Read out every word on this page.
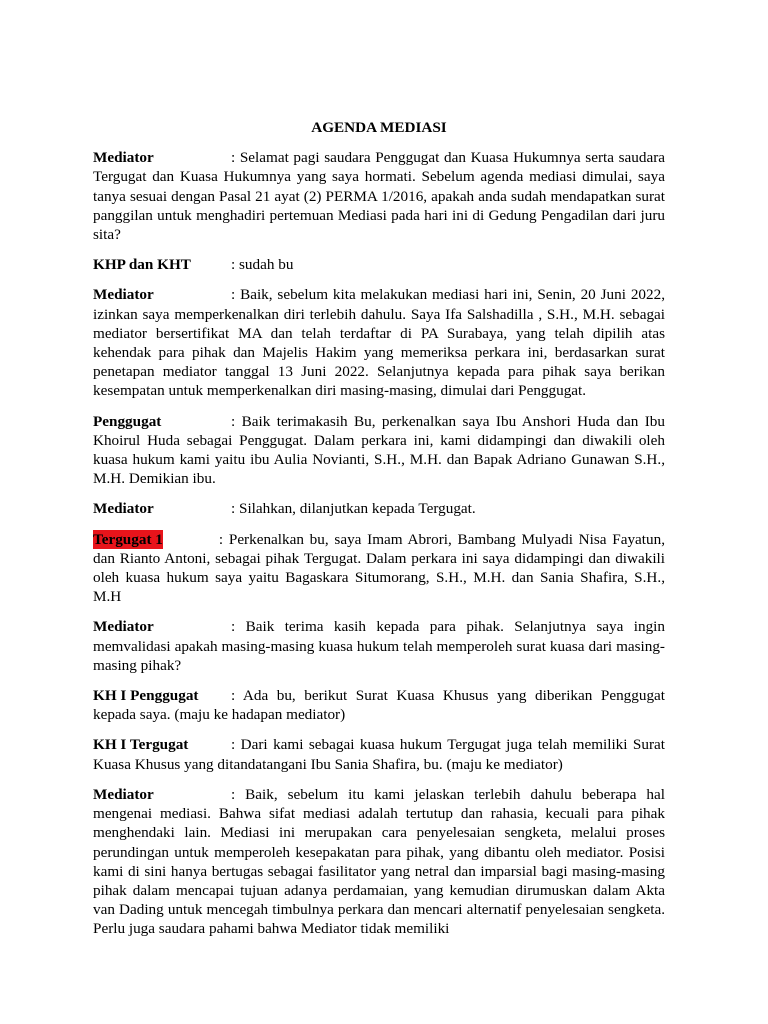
AGENDA MEDIASI
Mediator	: Selamat pagi saudara Penggugat dan Kuasa Hukumnya serta saudara Tergugat dan Kuasa Hukumnya yang saya hormati. Sebelum agenda mediasi dimulai, saya tanya sesuai dengan Pasal 21 ayat (2) PERMA 1/2016, apakah anda sudah mendapatkan surat panggilan untuk menghadiri pertemuan Mediasi pada hari ini di Gedung Pengadilan dari juru sita?
KHP dan KHT	: sudah bu
Mediator	: Baik, sebelum kita melakukan mediasi hari ini, Senin, 20 Juni 2022, izinkan saya memperkenalkan diri terlebih dahulu. Saya Ifa Salshadilla , S.H., M.H. sebagai mediator bersertifikat MA dan telah terdaftar di PA Surabaya, yang telah dipilih atas kehendak para pihak dan Majelis Hakim yang memeriksa perkara ini, berdasarkan surat penetapan mediator tanggal 13 Juni 2022. Selanjutnya kepada para pihak saya berikan kesempatan untuk memperkenalkan diri masing-masing, dimulai dari Penggugat.
Penggugat	: Baik terimakasih Bu, perkenalkan saya Ibu Anshori Huda dan Ibu Khoirul Huda sebagai Penggugat. Dalam perkara ini, kami didampingi dan diwakili oleh kuasa hukum kami yaitu ibu Aulia Novianti, S.H., M.H. dan Bapak Adriano Gunawan S.H., M.H. Demikian ibu.
Mediator	: Silahkan, dilanjutkan kepada Tergugat.
Tergugat 1	: Perkenalkan bu, saya Imam Abrori, Bambang Mulyadi Nisa Fayatun, dan Rianto Antoni, sebagai pihak Tergugat. Dalam perkara ini saya didampingi dan diwakili oleh kuasa hukum saya yaitu Bagaskara Situmorang, S.H., M.H. dan Sania Shafira, S.H., M.H
Mediator	: Baik terima kasih kepada para pihak. Selanjutnya saya ingin memvalidasi apakah masing-masing kuasa hukum telah memperoleh surat kuasa dari masing-masing pihak?
KH I Penggugat : Ada bu, berikut Surat Kuasa Khusus yang diberikan Penggugat kepada saya. (maju ke hadapan mediator)
KH I Tergugat	: Dari kami sebagai kuasa hukum Tergugat juga telah memiliki Surat Kuasa Khusus yang ditandatangani Ibu Sania Shafira, bu. (maju ke mediator)
Mediator	: Baik, sebelum itu kami jelaskan terlebih dahulu beberapa hal mengenai mediasi. Bahwa sifat mediasi adalah tertutup dan rahasia, kecuali para pihak menghendaki lain. Mediasi ini merupakan cara penyelesaian sengketa, melalui proses perundingan untuk memperoleh kesepakatan para pihak, yang dibantu oleh mediator. Posisi kami di sini hanya bertugas sebagai fasilitator yang netral dan imparsial bagi masing-masing pihak dalam mencapai tujuan adanya perdamaian, yang kemudian dirumuskan dalam Akta van Dading untuk mencegah timbulnya perkara dan mencari alternatif penyelesaian sengketa. Perlu juga saudara pahami bahwa Mediator tidak memiliki
